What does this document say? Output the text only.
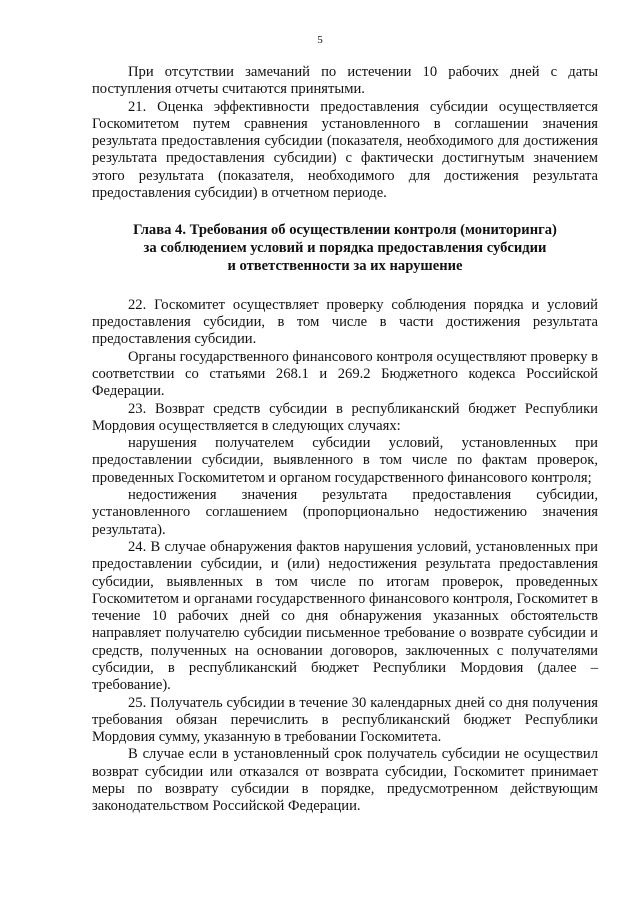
5

При отсутствии замечаний по истечении 10 рабочих дней с даты поступления отчеты считаются принятыми.

21. Оценка эффективности предоставления субсидии осуществляется Госкомитетом путем сравнения установленного в соглашении значения результата предоставления субсидии (показателя, необходимого для достижения результата предоставления субсидии) с фактически достигнутым значением этого результата (показателя, необходимого для достижения результата предоставления субсидии) в отчетном периоде.

Глава 4. Требования об осуществлении контроля (мониторинга)
за соблюдением условий и порядка предоставления субсидии
и ответственности за их нарушение

22. Госкомитет осуществляет проверку соблюдения порядка и условий предоставления субсидии, в том числе в части достижения результата предоставления субсидии.

Органы государственного финансового контроля осуществляют проверку в соответствии со статьями 268.1 и 269.2 Бюджетного кодекса Российской Федерации.

23. Возврат средств субсидии в республиканский бюджет Республики Мордовия осуществляется в следующих случаях:

нарушения получателем субсидии условий, установленных при предоставлении субсидии, выявленного в том числе по фактам проверок, проведенных Госкомитетом и органом государственного финансового контроля;

недостижения значения результата предоставления субсидии, установленного соглашением (пропорционально недостижению значения результата).

24. В случае обнаружения фактов нарушения условий, установленных при предоставлении субсидии, и (или) недостижения результата предоставления субсидии, выявленных в том числе по итогам проверок, проведенных Госкомитетом и органами государственного финансового контроля, Госкомитет в течение 10 рабочих дней со дня обнаружения указанных обстоятельств направляет получателю субсидии письменное требование о возврате субсидии и средств, полученных на основании договоров, заключенных с получателями субсидии, в республиканский бюджет Республики Мордовия (далее – требование).

25. Получатель субсидии в течение 30 календарных дней со дня получения требования обязан перечислить в республиканский бюджет Республики Мордовия сумму, указанную в требовании Госкомитета.

В случае если в установленный срок получатель субсидии не осуществил возврат субсидии или отказался от возврата субсидии, Госкомитет принимает меры по возврату субсидии в порядке, предусмотренном действующим законодательством Российской Федерации.
